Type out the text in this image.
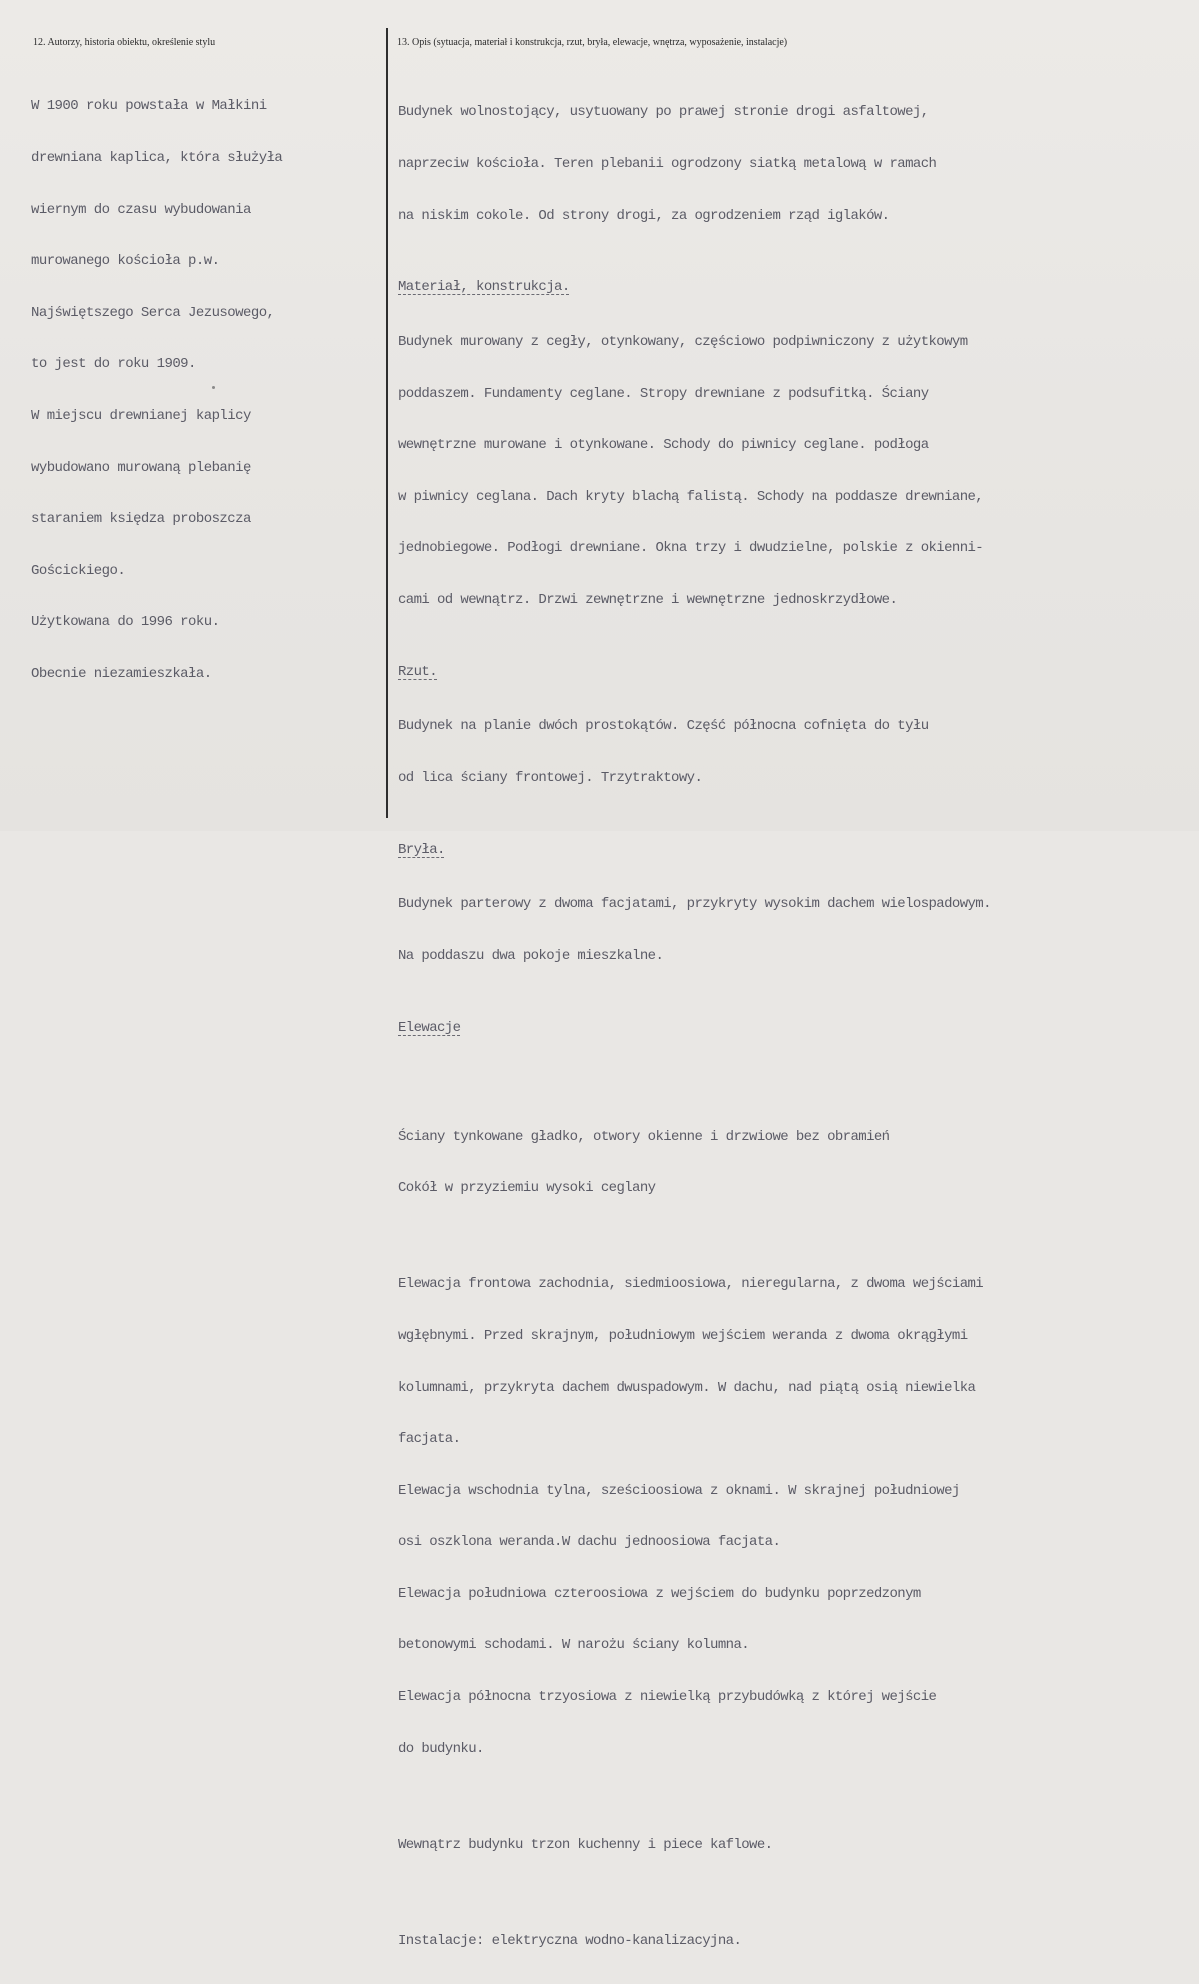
12. Autorzy, historia obiektu, określenie stylu	13. Opis (sytuacja, materiał i konstrukcja, rzut, bryła, elewacje, wnętrza, wyposażenie, instalacje)

W 1900 roku powstała w Małkini

drewniana kaplica, która służyła

wiernym do czasu wybudowania

murowanego kościoła p.w.

Najświętszego Serca Jezusowego,

to jest do roku 1909.

W miejscu drewnianej kaplicy

wybudowano murowaną plebanię

staraniem księdza proboszcza

Gościckiego.

Użytkowana do 1996 roku.

Obecnie niezamieszkała.

Budynek wolnostojący, usytuowany po prawej stronie drogi asfaltowej,

naprzeciw kościoła. Teren plebanii ogrodzony siatką metalową w ramach

na niskim cokole. Od strony drogi, za ogrodzeniem rząd iglaków.

Materiał, konstrukcja.

Budynek murowany z cegły, otynkowany, częściowo podpiwniczony z użytkowym

poddaszem. Fundamenty ceglane. Stropy drewniane z podsufitką. Ściany

wewnętrzne murowane i otynkowane. Schody do piwnicy ceglane. podłoga

w piwnicy ceglana. Dach kryty blachą falistą. Schody na poddasze drewniane,

jednobiegowe. Podłogi drewniane. Okna trzy i dwudzielne, polskie z okienni-

cami od wewnątrz. Drzwi zewnętrzne i wewnętrzne jednoskrzydłowe.

Rzut.

Budynek na planie dwóch prostokątów. Część północna cofnięta do tyłu

od lica ściany frontowej. Trzytraktowy.

Bryła.

Budynek parterowy z dwoma facjatami, przykryty wysokim dachem wielospadowym.

Na poddaszu dwa pokoje mieszkalne.

Elewacje

Ściany tynkowane gładko, otwory okienne i drzwiowe bez obramień

Cokół w przyziemiu wysoki ceglany

Elewacja frontowa zachodnia, siedmioosiowa, nieregularna, z dwoma wejściami

wgłębnymi. Przed skrajnym, południowym wejściem weranda z dwoma okrągłymi

kolumnami, przykryta dachem dwuspadowym. W dachu, nad piątą osią niewielka

facjata.

Elewacja wschodnia tylna, sześcioosiowa z oknami. W skrajnej południowej

osi oszklona weranda.W dachu jednoosiowa facjata.

Elewacja południowa czteroosiowa z wejściem do budynku poprzedzonym

betonowymi schodami. W narożu ściany kolumna.

Elewacja północna trzyosiowa z niewielką przybudówką z której wejście

do budynku.

Wewnątrz budynku trzon kuchenny i piece kaflowe.

Instalacje: elektryczna wodno-kanalizacyjna.
